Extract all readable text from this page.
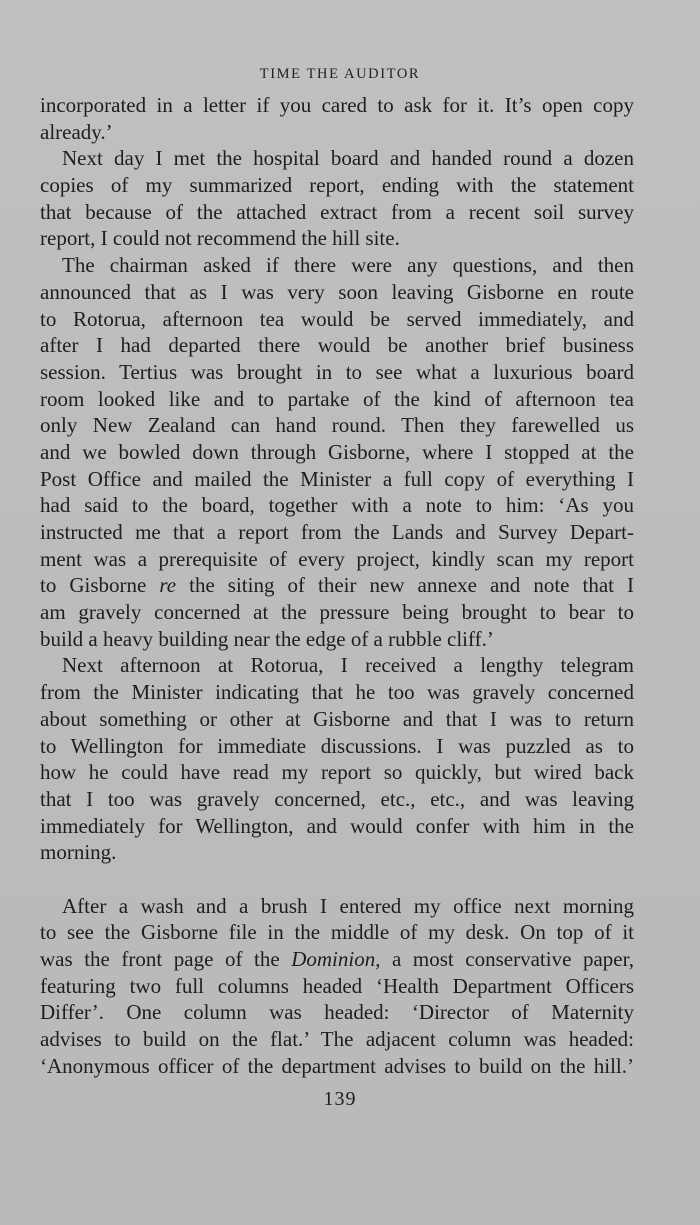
TIME THE AUDITOR
incorporated in a letter if you cared to ask for it. It’s open copy
already.’
Next day I met the hospital board and handed round a dozen
copies of my summarized report, ending with the statement
that because of the attached extract from a recent soil survey
report, I could not recommend the hill site.
The chairman asked if there were any questions, and then
announced that as I was very soon leaving Gisborne en route
to Rotorua, afternoon tea would be served immediately, and
after I had departed there would be another brief business
session. Tertius was brought in to see what a luxurious board
room looked like and to partake of the kind of afternoon tea
only New Zealand can hand round. Then they farewelled us
and we bowled down through Gisborne, where I stopped at the
Post Office and mailed the Minister a full copy of everything I
had said to the board, together with a note to him: ‘As you
instructed me that a report from the Lands and Survey Depart-
ment was a prerequisite of every project, kindly scan my report
to Gisborne re the siting of their new annexe and note that I
am gravely concerned at the pressure being brought to bear to
build a heavy building near the edge of a rubble cliff.’
Next afternoon at Rotorua, I received a lengthy telegram
from the Minister indicating that he too was gravely concerned
about something or other at Gisborne and that I was to return
to Wellington for immediate discussions. I was puzzled as to
how he could have read my report so quickly, but wired back
that I too was gravely concerned, etc., etc., and was leaving
immediately for Wellington, and would confer with him in the
morning.
After a wash and a brush I entered my office next morning
to see the Gisborne file in the middle of my desk. On top of it
was the front page of the Dominion, a most conservative paper,
featuring two full columns headed ‘Health Department Officers
Differ’. One column was headed: ‘Director of Maternity
advises to build on the flat.’ The adjacent column was headed:
‘Anonymous officer of the department advises to build on the hill.’
139
